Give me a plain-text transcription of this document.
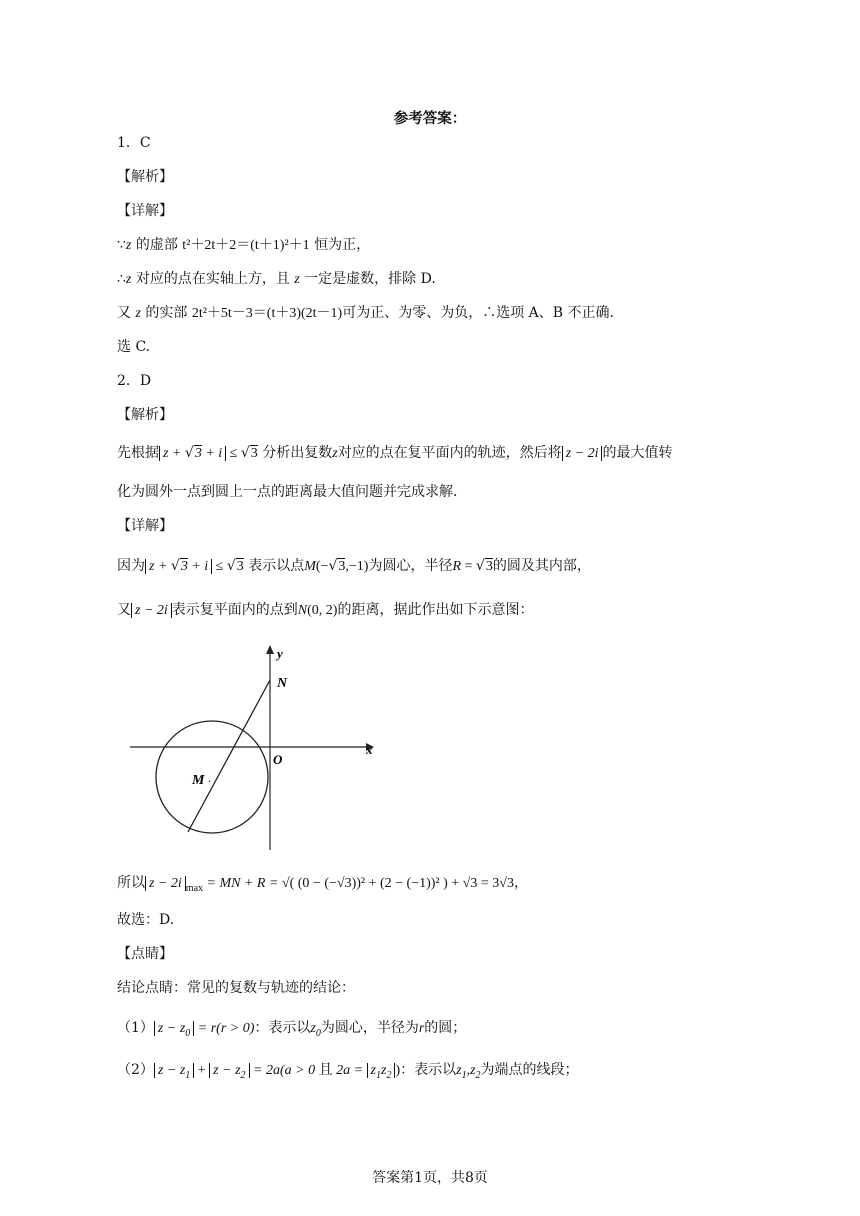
参考答案：
1．C
【解析】
【详解】
∵z 的虚部 t²＋2t＋2＝(t＋1)²＋1 恒为正，
∴z 对应的点在实轴上方，且 z 一定是虚数，排除 D.
又 z 的实部 2t²＋5t－3＝(t＋3)(2t－1)可为正、为零、为负，∴选项 A、B 不正确.
选 C.
2．D
【解析】
先根据 z + √3 + i ≤ √3 分析出复数z对应的点在复平面内的轨迹，然后将 z − 2i 的最大值转
化为圆外一点到圆上一点的距离最大值问题并完成求解.
【详解】
因为 z + √3 + i ≤ √3 表示以点M(−√3,−1)为圆心，半径R = √3的圆及其内部，
又 z − 2i 表示复平面内的点到N(0, 2)的距离，据此作出如下示意图：
y
x
N
O
M .
所以 z − 2i $_{max}$ = MN + R = √( (0 − (−√3))² + (2 − (−1))² ) + √3 = 3√3，
故选：D.
【点睛】
结论点睛：常见的复数与轨迹的结论：
（1） $z - z_0 = r(r > 0)$：表示以$z_0$为圆心，半径为r的圆；
（2） $z - z_1 + z - z_2 = 2a(a > 0$ 且 $2a = z_1z_2$ )：表示以$z_1,z_2$为端点的线段；
答案第1页，共8页
